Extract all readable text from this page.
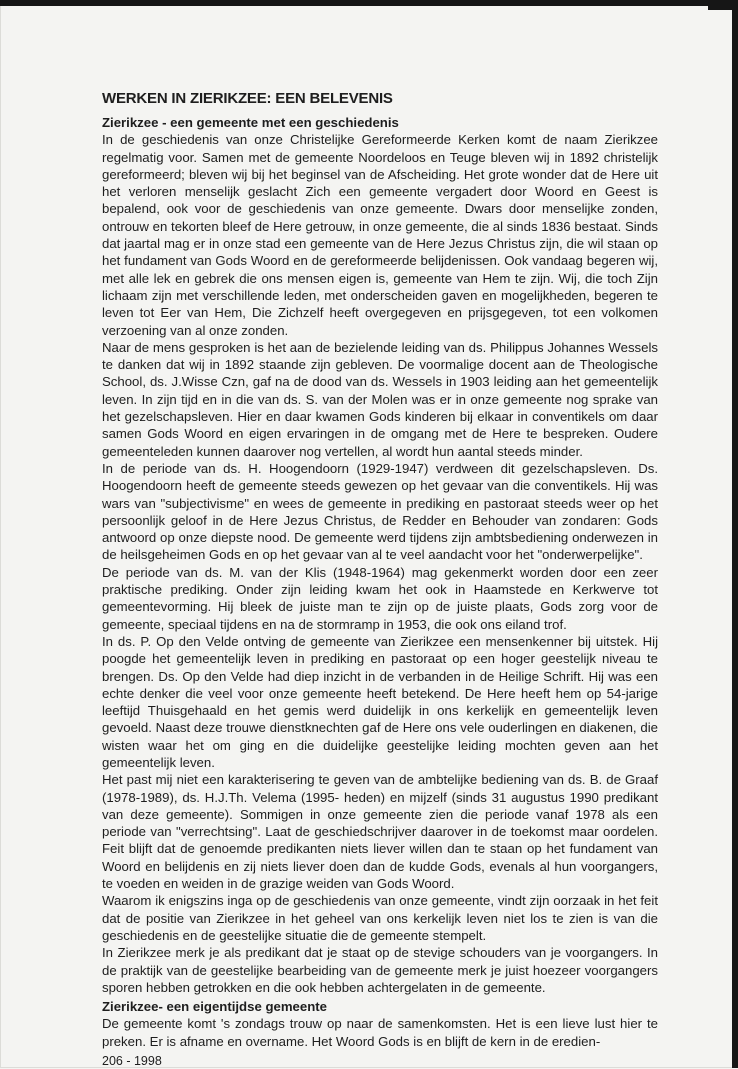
WERKEN IN ZIERIKZEE: EEN BELEVENIS
Zierikzee - een gemeente met een geschiedenis

In de geschiedenis van onze Christelijke Gereformeerde Kerken komt de naam Zierikzee regelmatig voor. Samen met de gemeente Noordeloos en Teuge bleven wij in 1892 christelijk gereformeerd; bleven wij bij het beginsel van de Afscheiding. Het grote wonder dat de Here uit het verloren menselijk geslacht Zich een gemeente vergadert door Woord en Geest is bepalend, ook voor de geschiedenis van onze gemeente. Dwars door menselijke zonden, ontrouw en tekorten bleef de Here getrouw, in onze gemeente, die al sinds 1836 bestaat. Sinds dat jaartal mag er in onze stad een gemeente van de Here Jezus Christus zijn, die wil staan op het fundament van Gods Woord en de gereformeerde belijdenissen. Ook vandaag begeren wij, met alle lek en gebrek die ons mensen eigen is, gemeente van Hem te zijn. Wij, die toch Zijn lichaam zijn met verschillende leden, met onderscheiden gaven en mogelijkheden, begeren te leven tot Eer van Hem, Die Zichzelf heeft overgegeven en prijsgegeven, tot een volkomen verzoening van al onze zonden.

Naar de mens gesproken is het aan de bezielende leiding van ds. Philippus Johannes Wessels te danken dat wij in 1892 staande zijn gebleven. De voormalige docent aan de Theologische School, ds. J.Wisse Czn, gaf na de dood van ds. Wessels in 1903 leiding aan het gemeentelijk leven. In zijn tijd en in die van ds. S. van der Molen was er in onze gemeente nog sprake van het gezelschapsleven. Hier en daar kwamen Gods kinderen bij elkaar in conventikels om daar samen Gods Woord en eigen ervaringen in de omgang met de Here te bespreken. Oudere gemeenteleden kunnen daarover nog vertellen, al wordt hun aantal steeds minder.

In de periode van ds. H. Hoogendoorn (1929-1947) verdween dit gezelschapsleven. Ds. Hoogendoorn heeft de gemeente steeds gewezen op het gevaar van die conventikels. Hij was wars van "subjectivisme" en wees de gemeente in prediking en pastoraat steeds weer op het persoonlijk geloof in de Here Jezus Christus, de Redder en Behouder van zondaren: Gods antwoord op onze diepste nood. De gemeente werd tijdens zijn ambtsbediening onderwezen in de heilsgeheimen Gods en op het gevaar van al te veel aandacht voor het "onderwerpelijke".

De periode van ds. M. van der Klis (1948-1964) mag gekenmerkt worden door een zeer praktische prediking. Onder zijn leiding kwam het ook in Haamstede en Kerkwerve tot gemeentevorming. Hij bleek de juiste man te zijn op de juiste plaats, Gods zorg voor de gemeente, speciaal tijdens en na de stormramp in 1953, die ook ons eiland trof.

In ds. P. Op den Velde ontving de gemeente van Zierikzee een mensenkenner bij uitstek. Hij poogde het gemeentelijk leven in prediking en pastoraat op een hoger geestelijk niveau te brengen. Ds. Op den Velde had diep inzicht in de verbanden in de Heilige Schrift. Hij was een echte denker die veel voor onze gemeente heeft betekend. De Here heeft hem op 54-jarige leeftijd Thuisgehaald en het gemis werd duidelijk in ons kerkelijk en gemeentelijk leven gevoeld. Naast deze trouwe dienstknechten gaf de Here ons vele ouderlingen en diakenen, die wisten waar het om ging en die duidelijke geestelijke leiding mochten geven aan het gemeentelijk leven.

Het past mij niet een karakterisering te geven van de ambtelijke bediening van ds. B. de Graaf (1978-1989), ds. H.J.Th. Velema (1995- heden) en mijzelf (sinds 31 augustus 1990 predikant van deze gemeente). Sommigen in onze gemeente zien die periode vanaf 1978 als een periode van "verrechtsing". Laat de geschiedschrijver daarover in de toekomst maar oordelen. Feit blijft dat de genoemde predikanten niets liever willen dan te staan op het fundament van Woord en belijdenis en zij niets liever doen dan de kudde Gods, evenals al hun voorgangers, te voeden en weiden in de grazige weiden van Gods Woord.

Waarom ik enigszins inga op de geschiedenis van onze gemeente, vindt zijn oorzaak in het feit dat de positie van Zierikzee in het geheel van ons kerkelijk leven niet los te zien is van die geschiedenis en de geestelijke situatie die de gemeente stempelt.

In Zierikzee merk je als predikant dat je staat op de stevige schouders van je voorgangers. In de praktijk van de geestelijke bearbeiding van de gemeente merk je juist hoezeer voorgangers sporen hebben getrokken en die ook hebben achtergelaten in de gemeente.

Zierikzee- een eigentijdse gemeente

De gemeente komt 's zondags trouw op naar de samenkomsten. Het is een lieve lust hier te preken. Er is afname en overname. Het Woord Gods is en blijft de kern in de eredien-

206 - 1998
